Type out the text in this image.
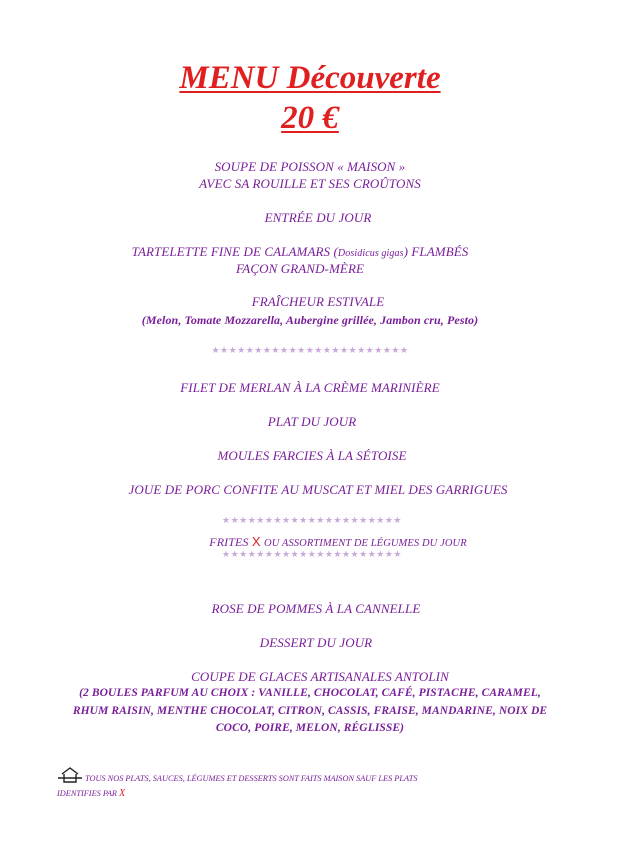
MENU Découverte
20 €
SOUPE DE POISSON « MAISON »
AVEC SA ROUILLE ET SES CROÛTONS
ENTRÉE DU JOUR
TARTELETTE FINE DE CALAMARS (Dosidicus gigas) FLAMBÉS
FAÇON GRAND-MÈRE
FRAÎCHEUR ESTIVALE
(Melon, Tomate Mozzarella, Aubergine grillée, Jambon cru, Pesto)
★★★★★★★★★★★★★★★★★★★★★★★
FILET DE MERLAN À LA CRÈME MARINIÈRE
PLAT DU JOUR
MOULES FARCIES À LA SÉTOISE
JOUE DE PORC CONFITE AU MUSCAT ET MIEL DES GARRIGUES
★★★★★★★★★★★★★★★★★★★★★
FRITES X OU ASSORTIMENT DE LÉGUMES DU JOUR
★★★★★★★★★★★★★★★★★★★★★
ROSE DE POMMES À LA CANNELLE
DESSERT DU JOUR
COUPE DE GLACES ARTISANALES ANTOLIN
(2 BOULES PARFUM AU CHOIX : VANILLE, CHOCOLAT, CAFÉ, PISTACHE, CARAMEL,
RHUM RAISIN, MENTHE CHOCOLAT, CITRON, CASSIS, FRAISE, MANDARINE, NOIX DE
COCO, POIRE, MELON, RÉGLISSE)
TOUS NOS PLATS, SAUCES, LÉGUMES ET DESSERTS SONT FAITS MAISON SAUF LES PLATS
IDENTIFIES PAR X
